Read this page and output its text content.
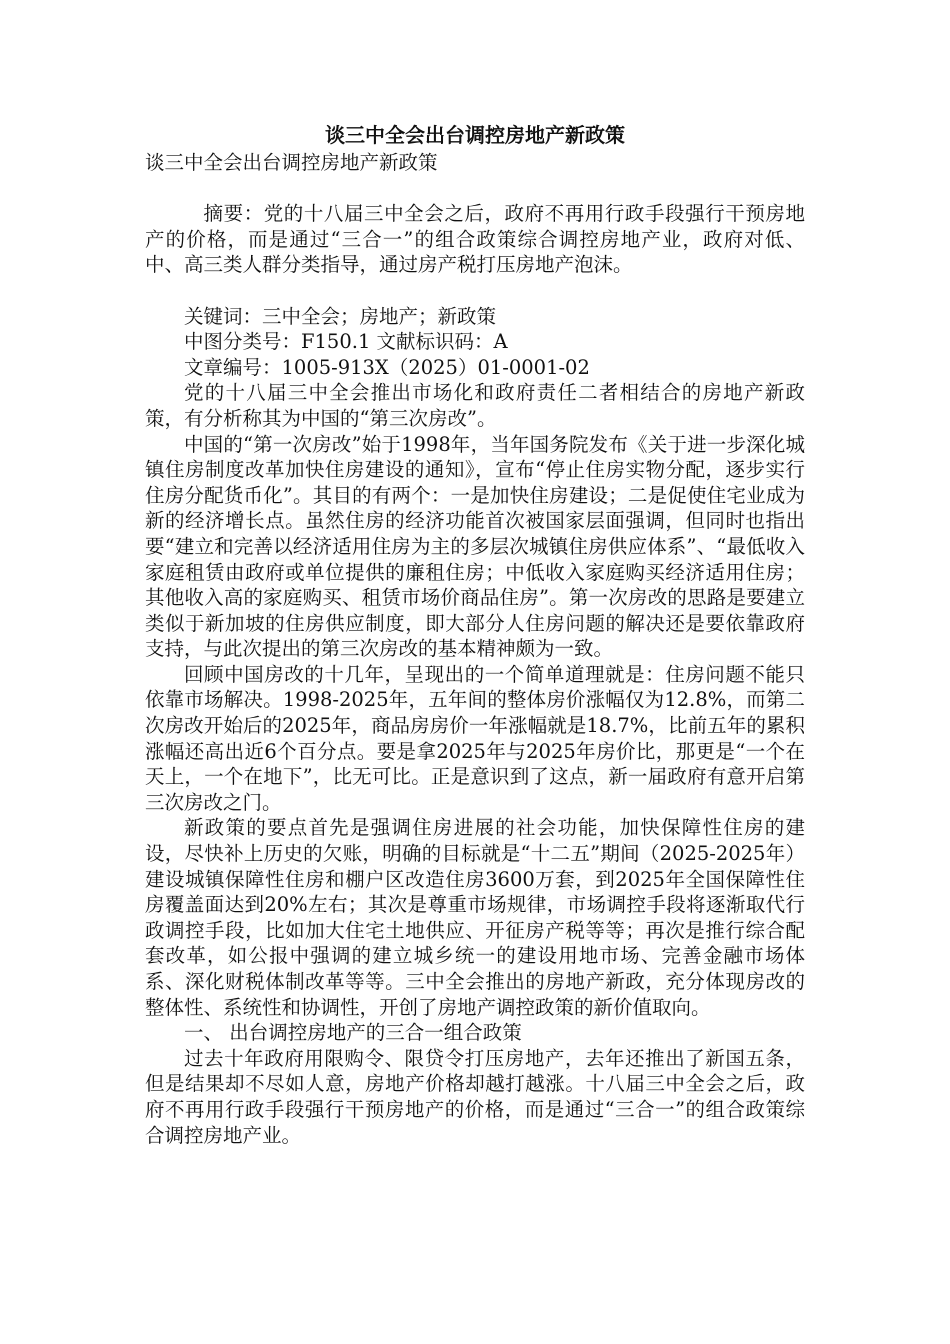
谈三中全会出台调控房地产新政策

谈三中全会出台调控房地产新政策

摘要：党的十八届三中全会之后，政府不再用行政手段强行干预房地产的价格，而是通过“三合一”的组合政策综合调控房地产业，政府对低、中、高三类人群分类指导，通过房产税打压房地产泡沫。

关键词：三中全会；房地产；新政策

中图分类号：F150.1 文献标识码：A

文章编号：1005-913X（2025）01-0001-02

党的十八届三中全会推出市场化和政府责任二者相结合的房地产新政策，有分析称其为中国的“第三次房改”。

中国的“第一次房改”始于1998年，当年国务院发布《关于进一步深化城镇住房制度改革加快住房建设的通知》，宣布“停止住房实物分配，逐步实行住房分配货币化”。其目的有两个：一是加快住房建设；二是促使住宅业成为新的经济增长点。虽然住房的经济功能首次被国家层面强调，但同时也指出要“建立和完善以经济适用住房为主的多层次城镇住房供应体系”、“最低收入家庭租赁由政府或单位提供的廉租住房；中低收入家庭购买经济适用住房；其他收入高的家庭购买、租赁市场价商品住房”。第一次房改的思路是要建立类似于新加坡的住房供应制度，即大部分人住房问题的解决还是要依靠政府支持，与此次提出的第三次房改的基本精神颇为一致。

回顾中国房改的十几年，呈现出的一个简单道理就是：住房问题不能只依靠市场解决。1998-2025年，五年间的整体房价涨幅仅为12.8%，而第二次房改开始后的2025年，商品房房价一年涨幅就是18.7%，比前五年的累积涨幅还高出近6个百分点。要是拿2025年与2025年房价比，那更是“一个在天上，一个在地下”，比无可比。正是意识到了这点，新一届政府有意开启第三次房改之门。

新政策的要点首先是强调住房进展的社会功能，加快保障性住房的建设，尽快补上历史的欠账，明确的目标就是“十二五”期间（2025-2025年）建设城镇保障性住房和棚户区改造住房3600万套，到2025年全国保障性住房覆盖面达到20%左右；其次是尊重市场规律，市场调控手段将逐渐取代行政调控手段，比如加大住宅土地供应、开征房产税等等；再次是推行综合配套改革，如公报中强调的建立城乡统一的建设用地市场、完善金融市场体系、深化财税体制改革等等。三中全会推出的房地产新政，充分体现房改的整体性、系统性和协调性，开创了房地产调控政策的新价值取向。

一、 出台调控房地产的三合一组合政策

过去十年政府用限购令、限贷令打压房地产，去年还推出了新国五条，但是结果却不尽如人意，房地产价格却越打越涨。十八届三中全会之后，政府不再用行政手段强行干预房地产的价格，而是通过“三合一”的组合政策综合调控房地产业。
